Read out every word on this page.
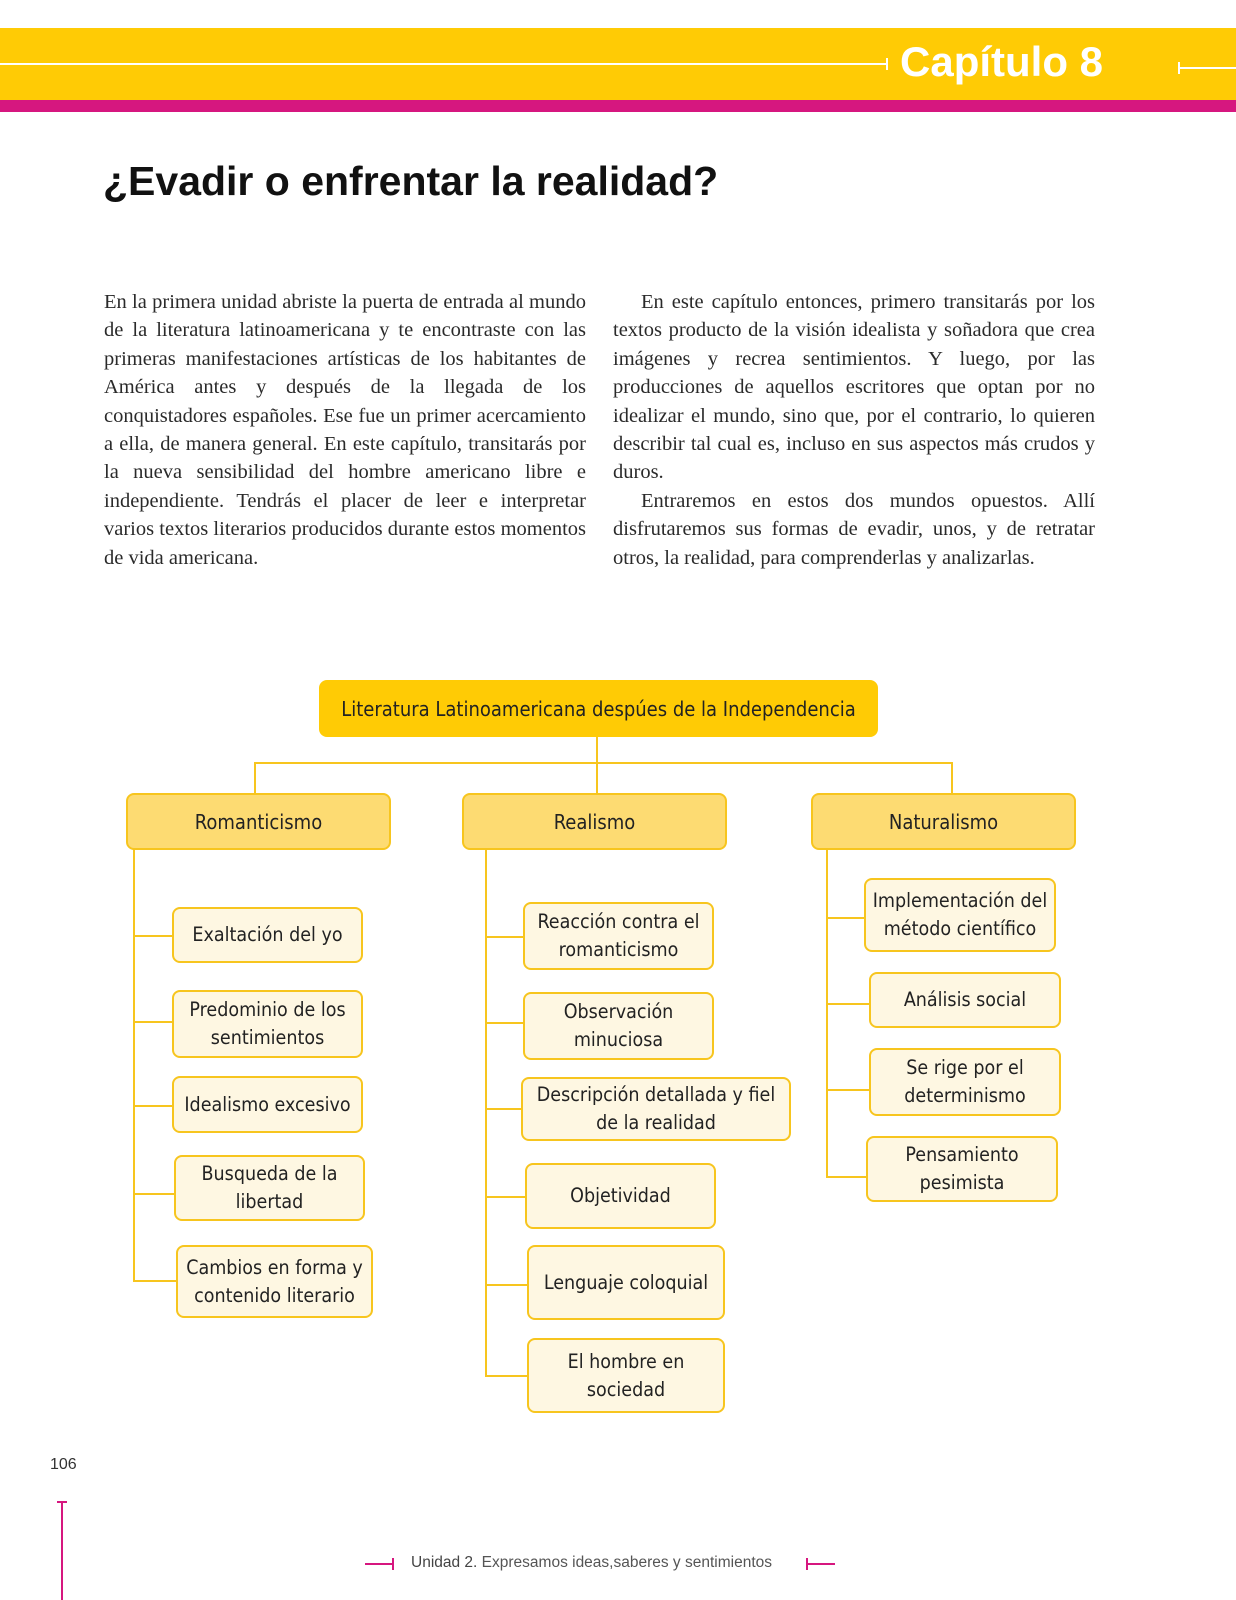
Capítulo 8
¿Evadir o enfrentar la realidad?

En la primera unidad abriste la puerta de entrada al mundo de la literatura latinoamericana y te encontraste con las primeras manifestaciones artísticas de los habitantes de América antes y después de la llegada de los conquistadores españoles. Ese fue un primer acercamiento a ella, de manera general. En este capítulo, transitarás por la nueva sensibilidad del hombre americano libre e independiente. Tendrás el placer de leer e interpretar varios textos literarios producidos durante estos momentos de vida americana.

En este capítulo entonces, primero transitarás por los textos producto de la visión idealista y soñadora que crea imágenes y recrea sentimientos. Y luego, por las producciones de aquellos escritores que optan por no idealizar el mundo, sino que, por el contrario, lo quieren describir tal cual es, incluso en sus aspectos más crudos y duros.

Entraremos en estos dos mundos opuestos. Allí disfrutaremos sus formas de evadir, unos, y de retratar otros, la realidad, para comprenderlas y analizarlas.

Literatura Latinoamericana despúes de la Independencia
Romanticismo	Realismo	Naturalismo
Exaltación del yo
Predominio de los
sentimientos
Idealismo excesivo
Busqueda de la
libertad
Cambios en forma y
contenido literario
Reacción contra el
romanticismo
Observación
minuciosa
Descripción detallada y fiel
de la realidad
Objetividad
Lenguaje coloquial
El hombre en
sociedad
Implementación del
método científico
Análisis social
Se rige por el
determinismo
Pensamiento
pesimista
106
Unidad 2. Expresamos ideas,saberes y sentimientos
